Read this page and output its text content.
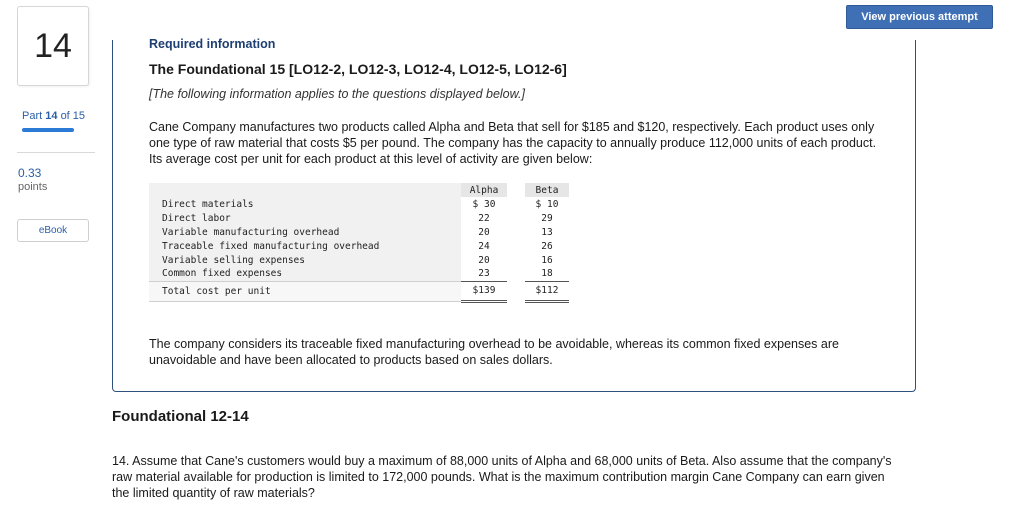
14
Part 14 of 15
0.33
points
eBook
View previous attempt
Required information
The Foundational 15 [LO12-2, LO12-3, LO12-4, LO12-5, LO12-6]
[The following information applies to the questions displayed below.]
Cane Company manufactures two products called Alpha and Beta that sell for $185 and $120, respectively. Each product uses only one type of raw material that costs $5 per pound. The company has the capacity to annually produce 112,000 units of each product. Its average cost per unit for each product at this level of activity are given below:
		Alpha		Beta
Direct materials		$ 30		$ 10
Direct labor		22		29
Variable manufacturing overhead		20		13
Traceable fixed manufacturing overhead		24		26
Variable selling expenses		20		16
Common fixed expenses		23		18
Total cost per unit		$139		$112
The company considers its traceable fixed manufacturing overhead to be avoidable, whereas its common fixed expenses are unavoidable and have been allocated to products based on sales dollars.
Foundational 12-14
14. Assume that Cane's customers would buy a maximum of 88,000 units of Alpha and 68,000 units of Beta. Also assume that the company's raw material available for production is limited to 172,000 pounds. What is the maximum contribution margin Cane Company can earn given the limited quantity of raw materials?
